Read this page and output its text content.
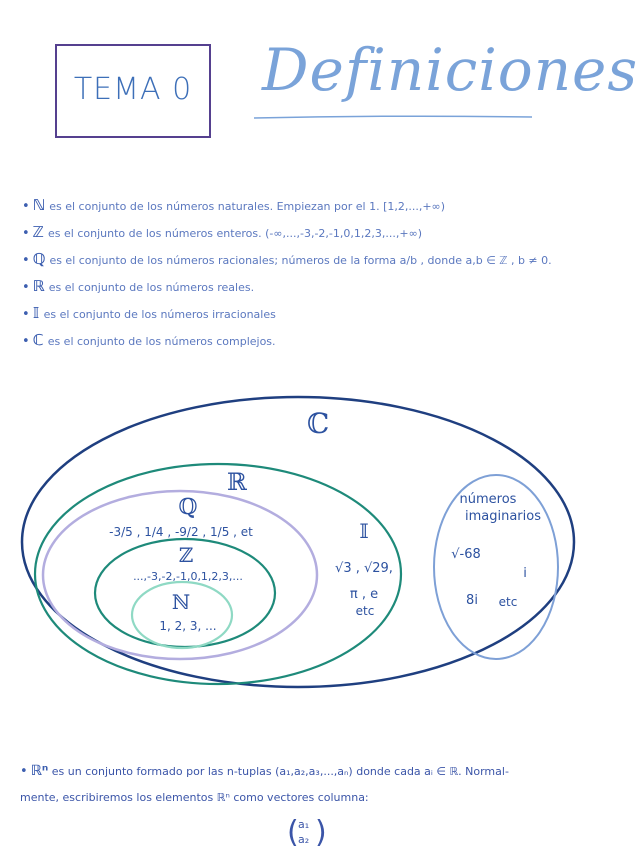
TEMA 0 Definiciones
• ℕ es el conjunto de los números naturales. Empiezan por el 1. [1,2,...,+∞)
• ℤ es el conjunto de los números enteros. (-∞,...,-3,-2,-1,0,1,2,3,...,+∞)
• ℚ es el conjunto de los números racionales; números de la forma a/b , donde a,b ∈ ℤ , b ≠ 0.
• ℝ es el conjunto de los números reales.
• 𝕀 es el conjunto de los números irracionales
• ℂ es el conjunto de los números complejos.
ℂ
ℝ
ℚ
-3/5 , 1/4 , -9/2 , 1/5 , et
ℤ
...,-3,-2,-1,0,1,2,3,...
ℕ
1, 2, 3, ...
𝕀
√3 , √29,
π , e
etc
números
imaginarios
√-68
i
8i etc
• ℝⁿ es un conjunto formado por las n-tuplas (a₁,a₂,a₃,...,aₙ) donde cada aᵢ ∈ ℝ. Normal-
mente, escribiremos los elementos ℝⁿ como vectores columna:
( a₁
a₂ )
